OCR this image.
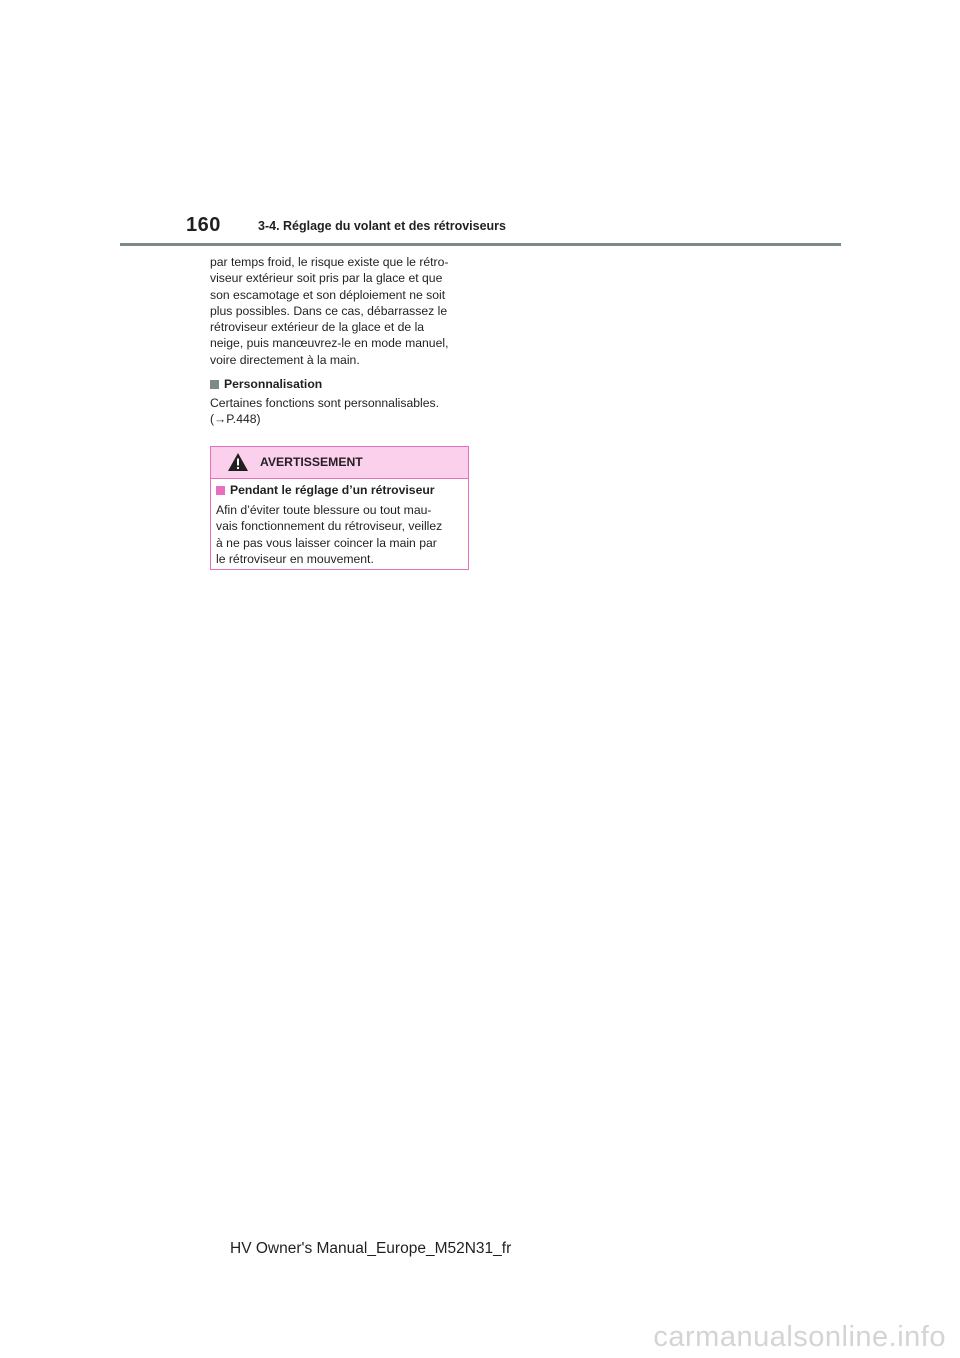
160	3-4. Réglage du volant et des rétroviseurs

par temps froid, le risque existe que le rétro-
viseur extérieur soit pris par la glace et que
son escamotage et son déploiement ne soit
plus possibles. Dans ce cas, débarrassez le
rétroviseur extérieur de la glace et de la
neige, puis manœuvrez-le en mode manuel,
voire directement à la main.

Personnalisation

Certaines fonctions sont personnalisables.
(→P.448)

AVERTISSEMENT
Pendant le réglage d’un rétroviseur

Afin d’éviter toute blessure ou tout mau-
vais fonctionnement du rétroviseur, veillez
à ne pas vous laisser coincer la main par
le rétroviseur en mouvement.

HV Owner's Manual_Europe_M52N31_fr
carmanualsonline.info
